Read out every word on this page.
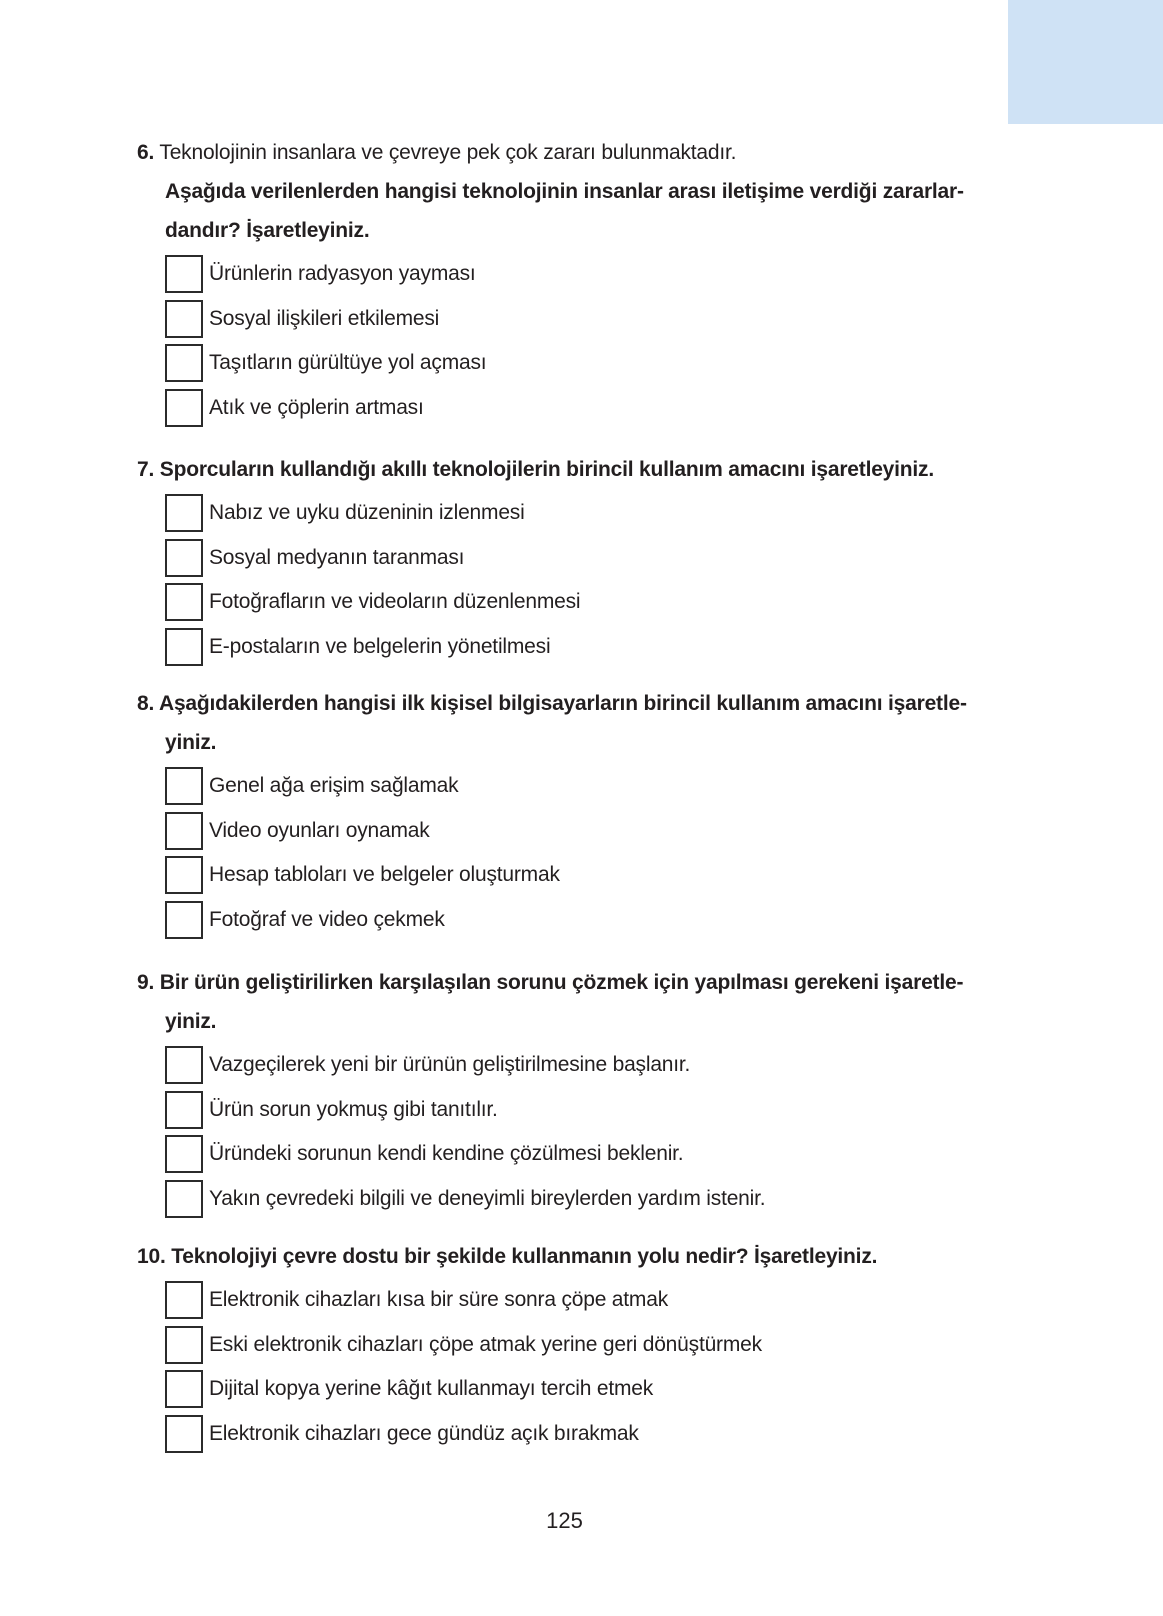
6. Teknolojinin insanlara ve çevreye pek çok zararı bulunmaktadır.
Aşağıda verilenlerden hangisi teknolojinin insanlar arası iletişime verdiği zararlar-
dandır? İşaretleyiniz.
Ürünlerin radyasyon yayması
Sosyal ilişkileri etkilemesi
Taşıtların gürültüye yol açması
Atık ve çöplerin artması
7. Sporcuların kullandığı akıllı teknolojilerin birincil kullanım amacını işaretleyiniz.
Nabız ve uyku düzeninin izlenmesi
Sosyal medyanın taranması
Fotoğrafların ve videoların düzenlenmesi
E-postaların ve belgelerin yönetilmesi
8. Aşağıdakilerden hangisi ilk kişisel bilgisayarların birincil kullanım amacını işaretle-
yiniz.
Genel ağa erişim sağlamak
Video oyunları oynamak
Hesap tabloları ve belgeler oluşturmak
Fotoğraf ve video çekmek
9. Bir ürün geliştirilirken karşılaşılan sorunu çözmek için yapılması gerekeni işaretle-
yiniz.
Vazgeçilerek yeni bir ürünün geliştirilmesine başlanır.
Ürün sorun yokmuş gibi tanıtılır.
Üründeki sorunun kendi kendine çözülmesi beklenir.
Yakın çevredeki bilgili ve deneyimli bireylerden yardım istenir.
10. Teknolojiyi çevre dostu bir şekilde kullanmanın yolu nedir? İşaretleyiniz.
Elektronik cihazları kısa bir süre sonra çöpe atmak
Eski elektronik cihazları çöpe atmak yerine geri dönüştürmek
Dijital kopya yerine kâğıt kullanmayı tercih etmek
Elektronik cihazları gece gündüz açık bırakmak
125
